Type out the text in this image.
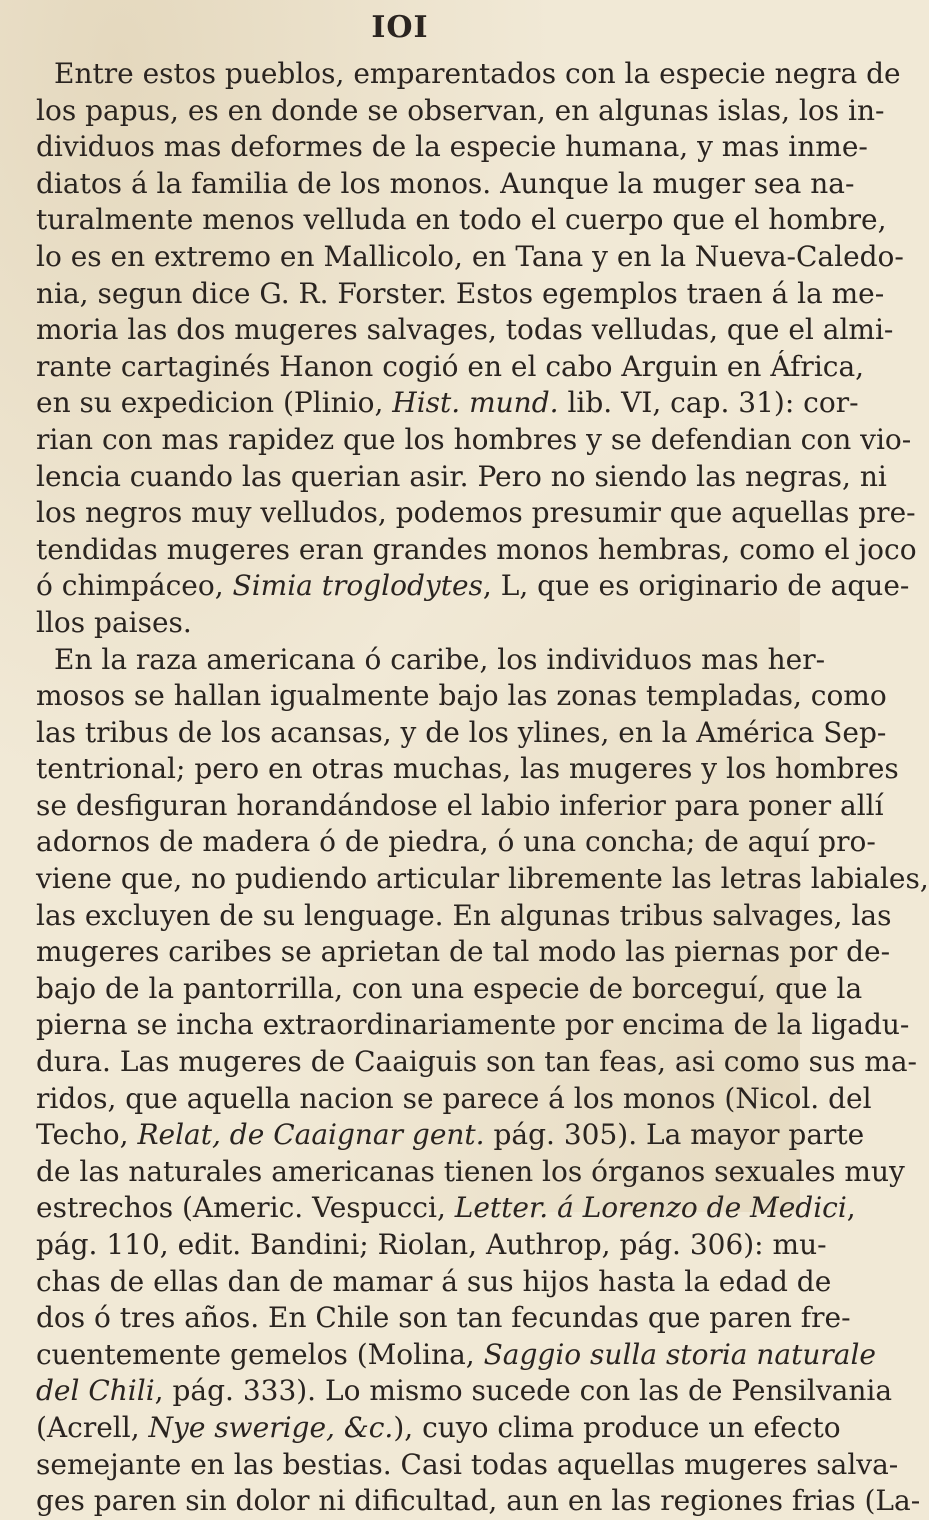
IOI
Entre estos pueblos, emparentados con la especie negra de
los papus, es en donde se observan, en algunas islas, los in-
dividuos mas deformes de la especie humana, y mas inme-
diatos á la familia de los monos. Aunque la muger sea na-
turalmente menos velluda en todo el cuerpo que el hombre,
lo es en extremo en Mallicolo, en Tana y en la Nueva-Caledo-
nia, segun dice G. R. Forster. Estos egemplos traen á la me-
moria las dos mugeres salvages, todas velludas, que el almi-
rante cartaginés Hanon cogió en el cabo Arguin en África,
en su expedicion (Plinio, Hist. mund. lib. VI, cap. 31): cor-
rian con mas rapidez que los hombres y se defendian con vio-
lencia cuando las querian asir. Pero no siendo las negras, ni
los negros muy velludos, podemos presumir que aquellas pre-
tendidas mugeres eran grandes monos hembras, como el joco
ó chimpáceo, Simia troglodytes, L, que es originario de aque-
llos paises.
En la raza americana ó caribe, los individuos mas her-
mosos se hallan igualmente bajo las zonas templadas, como
las tribus de los acansas, y de los ylines, en la América Sep-
tentrional; pero en otras muchas, las mugeres y los hombres
se desfiguran horandándose el labio inferior para poner allí
adornos de madera ó de piedra, ó una concha; de aquí pro-
viene que, no pudiendo articular libremente las letras labiales,
las excluyen de su lenguage. En algunas tribus salvages, las
mugeres caribes se aprietan de tal modo las piernas por de-
bajo de la pantorrilla, con una especie de borceguí, que la
pierna se incha extraordinariamente por encima de la ligadu-
dura. Las mugeres de Caaiguis son tan feas, asi como sus ma-
ridos, que aquella nacion se parece á los monos (Nicol. del
Techo, Relat, de Caaignar gent. pág. 305). La mayor parte
de las naturales americanas tienen los órganos sexuales muy
estrechos (Americ. Vespucci, Letter. á Lorenzo de Medici,
pág. 110, edit. Bandini; Riolan, Authrop, pág. 306): mu-
chas de ellas dan de mamar á sus hijos hasta la edad de
dos ó tres años. En Chile son tan fecundas que paren fre-
cuentemente gemelos (Molina, Saggio sulla storia naturale
del Chili, pág. 333). Lo mismo sucede con las de Pensilvania
(Acrell, Nye swerige, &c.), cuyo clima produce un efecto
semejante en las bestias. Casi todas aquellas mugeres salva-
ges paren sin dolor ni dificultad, aun en las regiones frias (La-
